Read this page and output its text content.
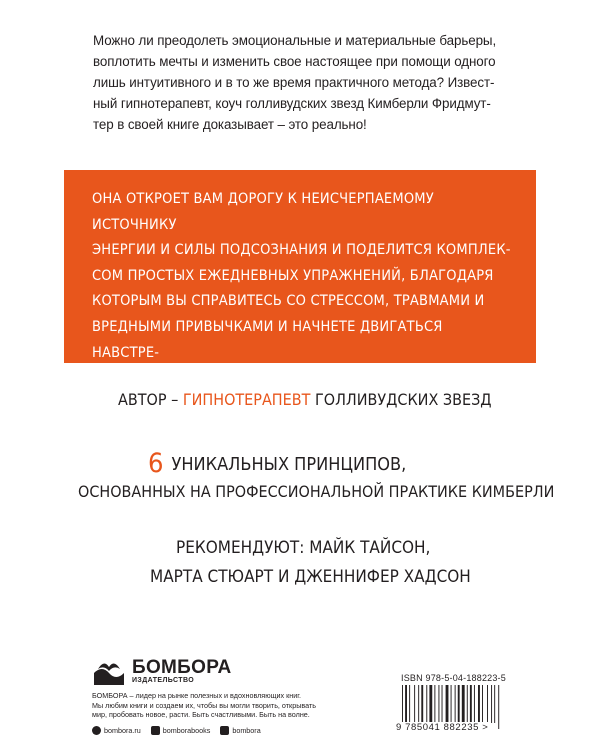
Можно ли преодолеть эмоциональные и материальные барьеры,
воплотить мечты и изменить свое настоящее при помощи одного
лишь интуитивного и в то же время практичного метода? Извест-
ный гипнотерапевт, коуч голливудских звезд Кимберли Фридмут-
тер в своей книге доказывает – это реально!
ОНА ОТКРОЕТ ВАМ ДОРОГУ К НЕИСЧЕРПАЕМОМУ ИСТОЧНИКУ
ЭНЕРГИИ И СИЛЫ ПОДСОЗНАНИЯ И ПОДЕЛИТСЯ КОМПЛЕК-
СОМ ПРОСТЫХ ЕЖЕДНЕВНЫХ УПРАЖНЕНИЙ, БЛАГОДАРЯ
КОТОРЫМ ВЫ СПРАВИТЕСЬ СО СТРЕССОМ, ТРАВМАМИ И
ВРЕДНЫМИ ПРИВЫЧКАМИ И НАЧНЕТЕ ДВИГАТЬСЯ НАВСТРЕ-
ЧУ СВОИМ МЕЧТАМ И ЦЕЛЯМ.
АВТОР – ГИПНОТЕРАПЕВТ ГОЛЛИВУДСКИХ ЗВЕЗД
6 УНИКАЛЬНЫХ ПРИНЦИПОВ,
ОСНОВАННЫХ НА ПРОФЕССИОНАЛЬНОЙ ПРАКТИКЕ КИМБЕРЛИ
РЕКОМЕНДУЮТ: МАЙК ТАЙСОН,
МАРТА СТЮАРТ И ДЖЕННИФЕР ХАДСОН
БОМБОРА
ИЗДАТЕЛЬСТВО
БОМБОРА – лидер на рынке полезных и вдохновляющих книг.
Мы любим книги и создаем их, чтобы вы могли творить, открывать
мир, пробовать новое, расти. Быть счастливыми. Быть на волне.
bombora.ru	bomborabooks	bombora
ISBN 978-5-04-188223-5
9 785041 882235 >
